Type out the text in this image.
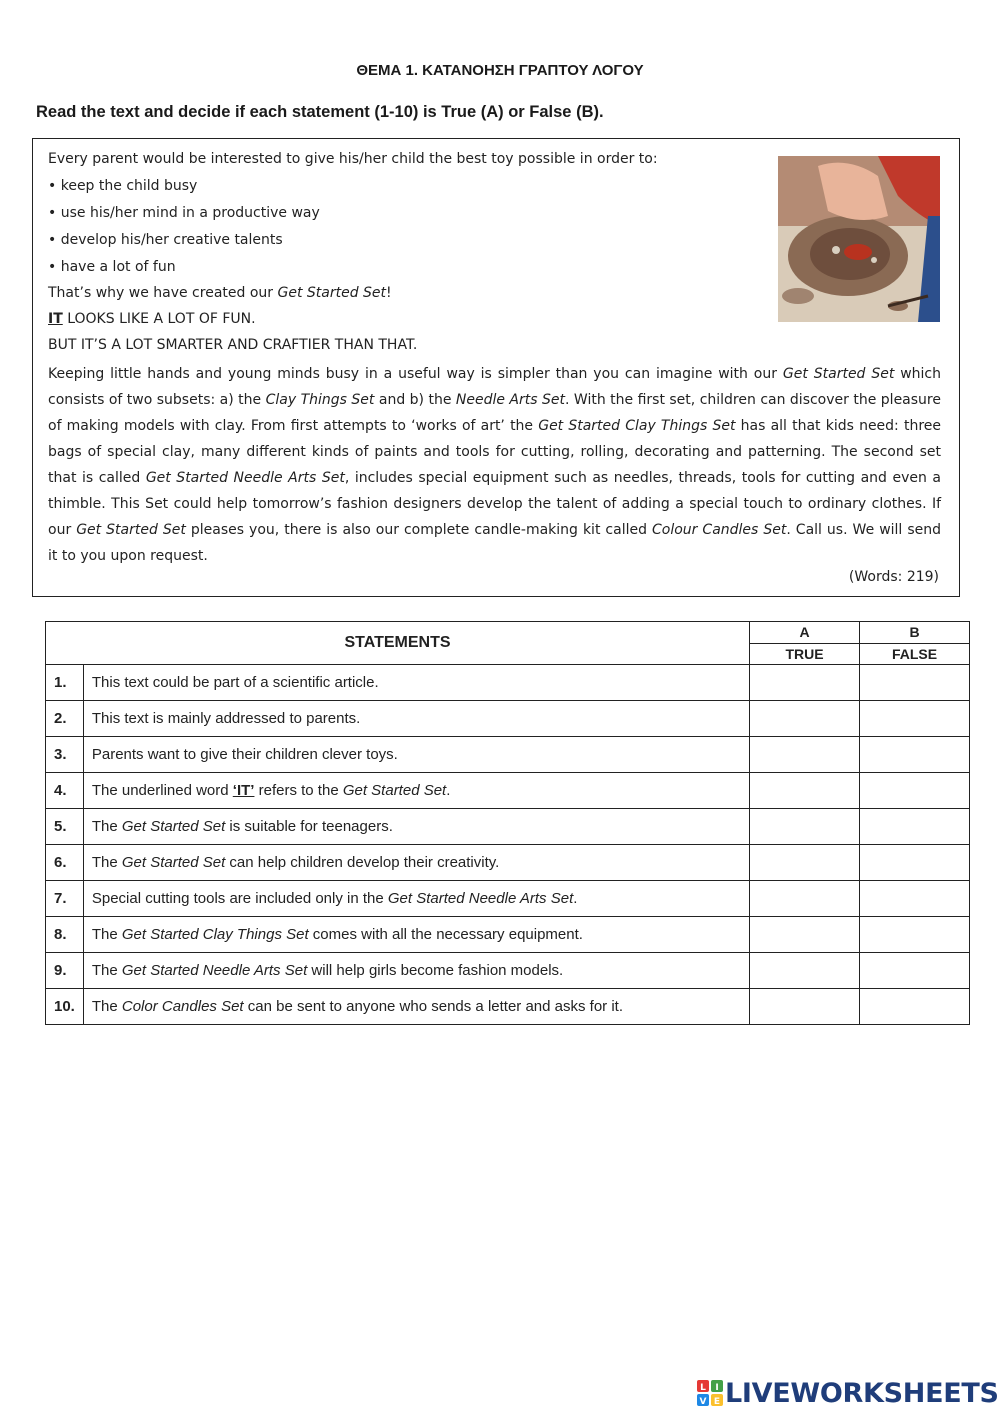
ΘΕΜΑ 1. ΚΑΤΑΝΟΗΣΗ ΓΡΑΠΤΟΥ ΛΟΓΟΥ
Read the text and decide if each statement (1-10) is True (A) or False (B).
Every parent would be interested to give his/her child the best toy possible in order to:
• keep the child busy
• use his/her mind in a productive way
• develop his/her creative talents
• have a lot of fun
That’s why we have created our Get Started Set!
IT LOOKS LIKE A LOT OF FUN.
BUT IT’S A LOT SMARTER AND CRAFTIER THAN THAT.
Keeping little hands and young minds busy in a useful way is simpler than you can imagine with our Get Started Set which consists of two subsets: a) the Clay Things Set and b) the Needle Arts Set. With the first set, children can discover the pleasure of making models with clay. From first attempts to ‘works of art’ the Get Started Clay Things Set has all that kids need: three bags of special clay, many different kinds of paints and tools for cutting, rolling, decorating and patterning. The second set that is called Get Started Needle Arts Set, includes special equipment such as needles, threads, tools for cutting and even a thimble. This Set could help tomorrow’s fashion designers develop the talent of adding a special touch to ordinary clothes. If our Get Started Set pleases you, there is also our complete candle-making kit called Colour Candles Set. Call us. We will send it to you upon request.
(Words: 219)
STATEMENTS		A	B
		TRUE	FALSE
1.	This text could be part of a scientific article.		
2.	This text is mainly addressed to parents.		
3.	Parents want to give their children clever toys.		
4.	The underlined word ‘IT’ refers to the Get Started Set.		
5.	The Get Started Set is suitable for teenagers.		
6.	The Get Started Set can help children develop their creativity.		
7.	Special cutting tools are included only in the Get Started Needle Arts Set.		
8.	The Get Started Clay Things Set comes with all the necessary equipment.		
9.	The Get Started Needle Arts Set will help girls become fashion models.		
10.	The Color Candles Set can be sent to anyone who sends a letter and asks for it.		
L I
V E LIVEWORKSHEETS
